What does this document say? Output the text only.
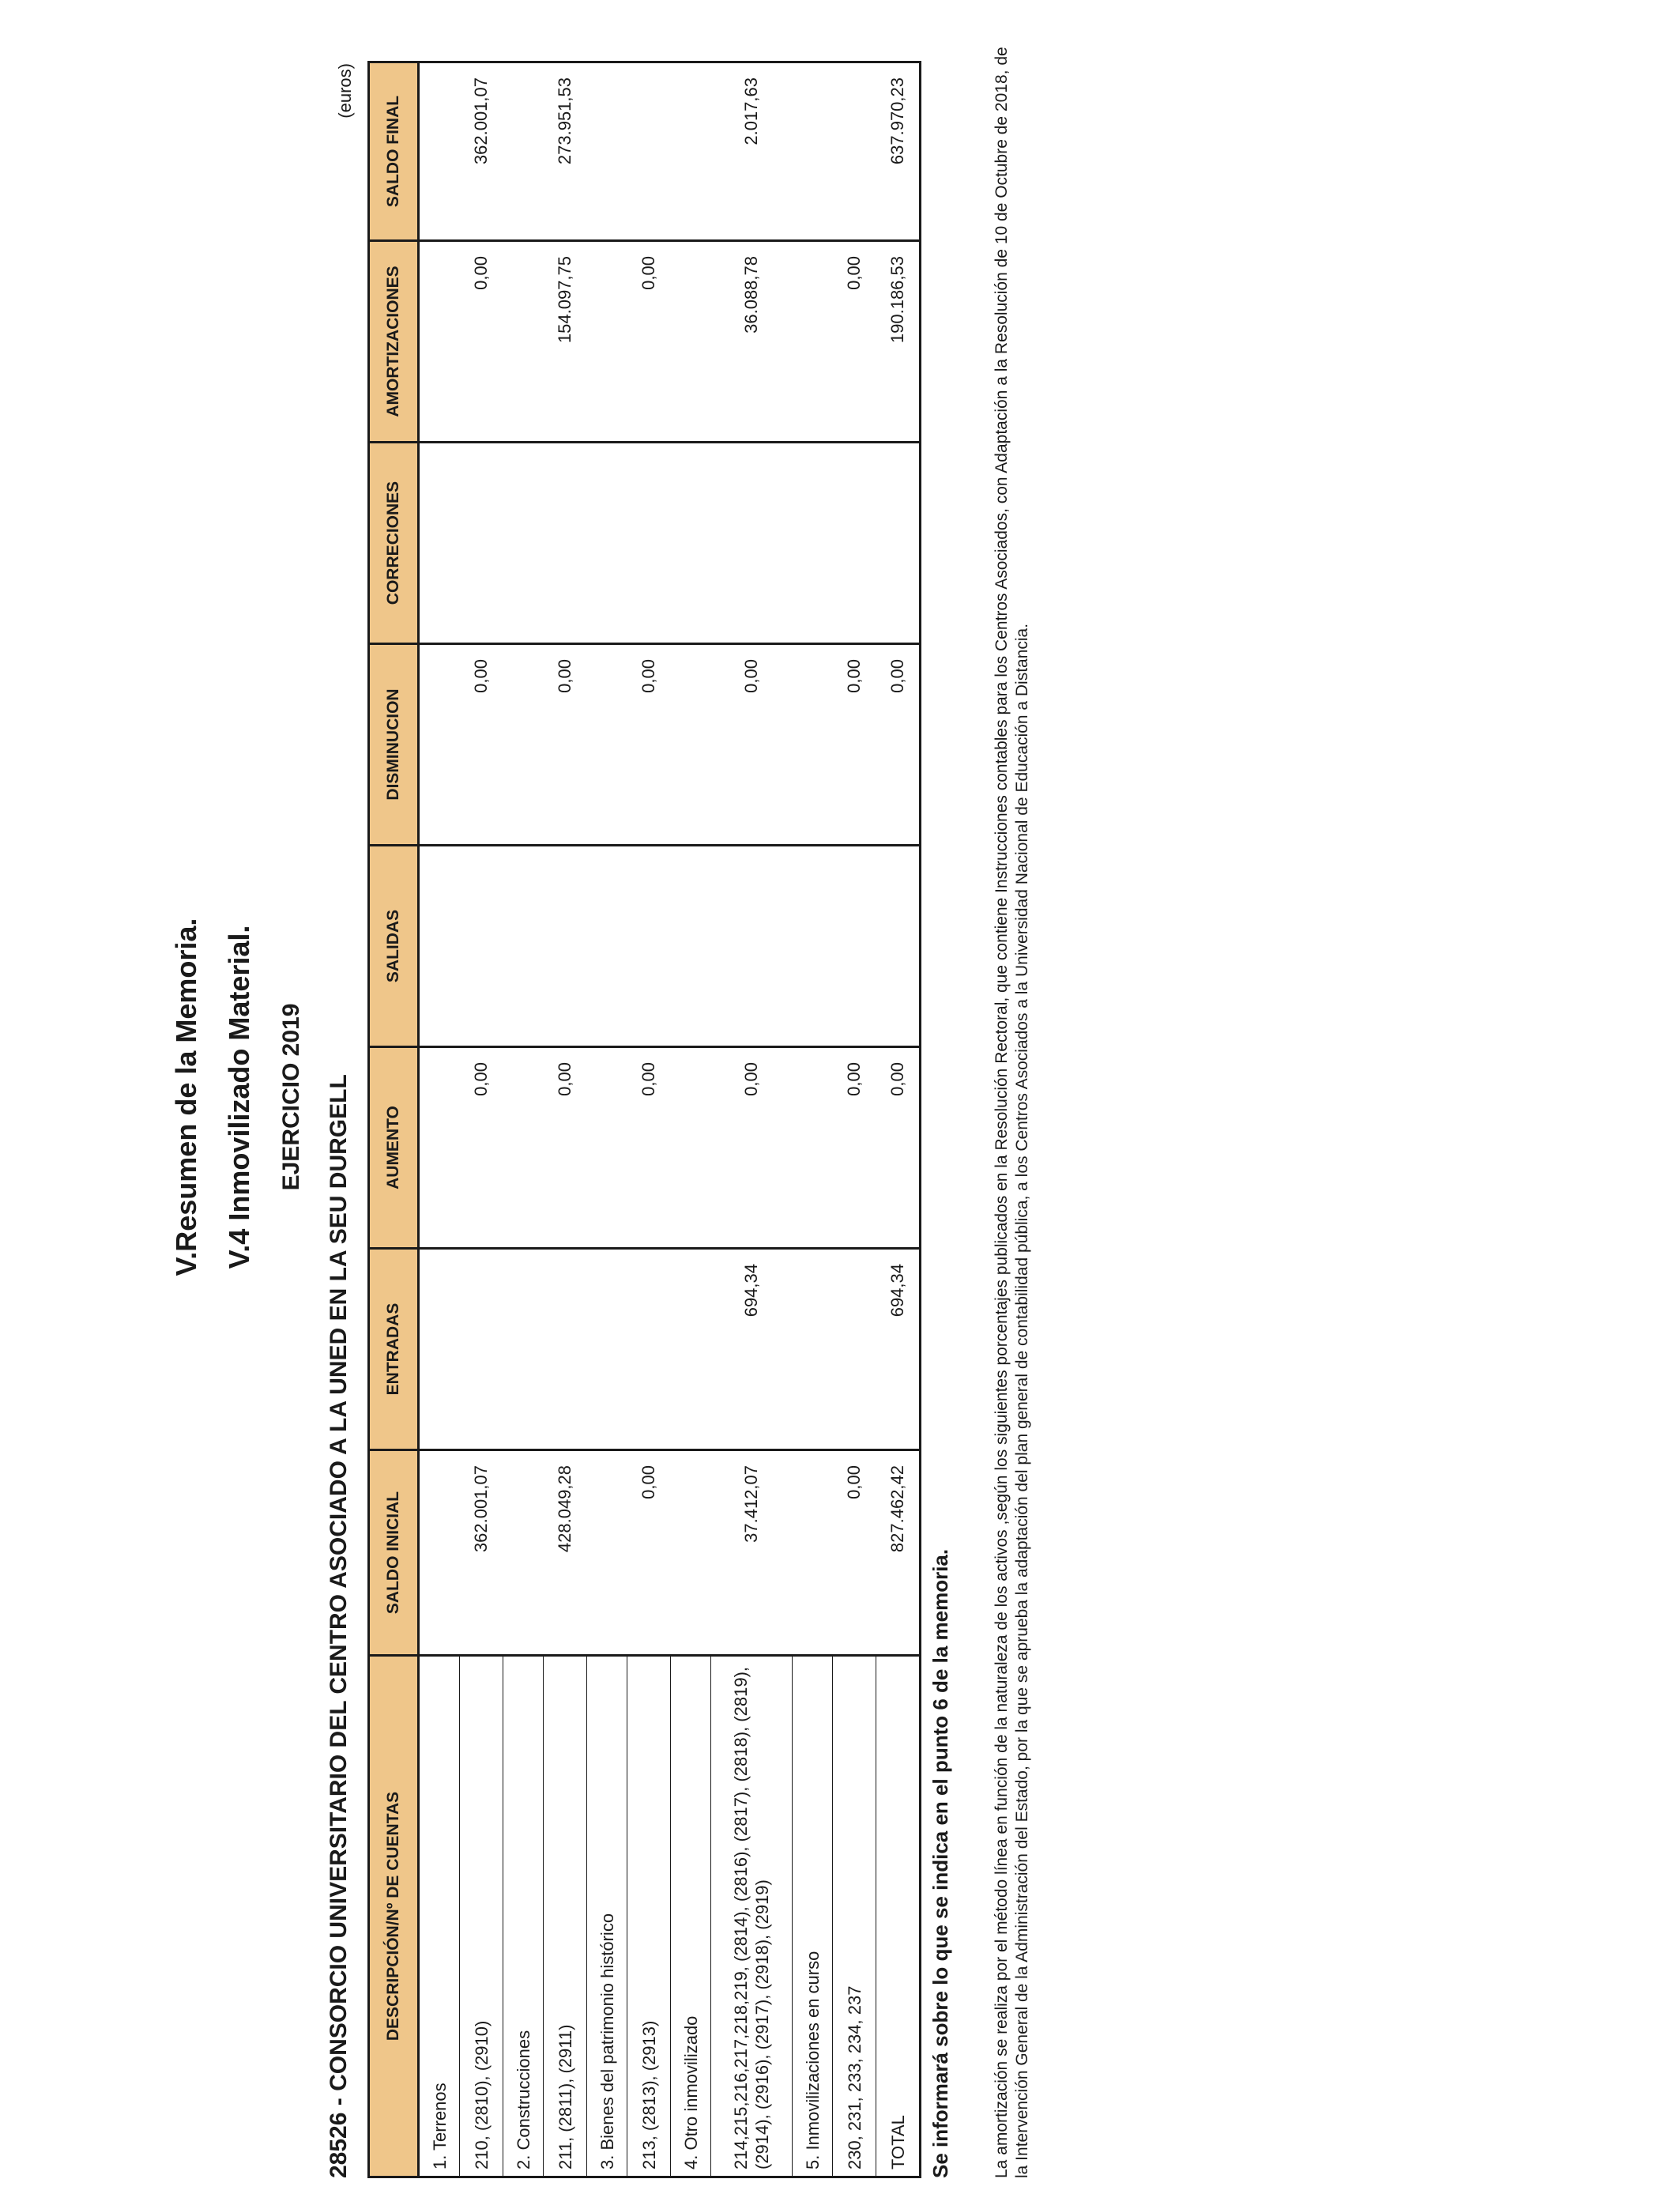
V.Resumen de la Memoria. V.4 Inmovilizado Material. EJERCICIO 2019 28526 - CONSORCIO UNIVERSITARIO DEL CENTRO ASOCIADO A LA UNED EN LA SEU DURGELL
(euros)
DESCRIPCIÓN/Nº DE CUENTAS	SALDO INICIAL	ENTRADAS	AUMENTO	SALIDAS	DISMINUCION	CORRECIONES	AMORTIZACIONES	SALDO FINAL
1. Terrenos								
210, (2810), (2910)	362.001,07		0,00		0,00		0,00	362.001,07
2. Construcciones								
211, (2811), (2911)	428.049,28		0,00		0,00		154.097,75	273.951,53
3. Bienes del patrimonio histórico								
213, (2813), (2913)	0,00		0,00		0,00		0,00	
4. Otro inmovilizado								
214,215,216,217,218,219, (2814), (2816), (2817), (2818), (2819), (2914), (2916), (2917), (2918), (2919)	37.412,07	694,34	0,00		0,00		36.088,78	2.017,63
5. Inmovilizaciones en curso								
230, 231, 233, 234, 237	0,00		0,00		0,00		0,00	
TOTAL	827.462,42	694,34	0,00		0,00		190.186,53	637.970,23
Se informará sobre lo que se indica en el punto 6 de la memoria. La amortización se realiza por el método línea en función de la naturaleza de los activos ,según los siguientes porcentajes publicados en la Resolución Rectoral, que contiene Instrucciones contables para los Centros Asociados, con Adaptación a la Resolución de 10 de Octubre de 2018, de la Intervención General de la Administración del Estado, por la que se aprueba la adaptación del plan general de contabilidad pública, a los Centros Asociados a la Universidad Nacional de Educación a Distancia.
